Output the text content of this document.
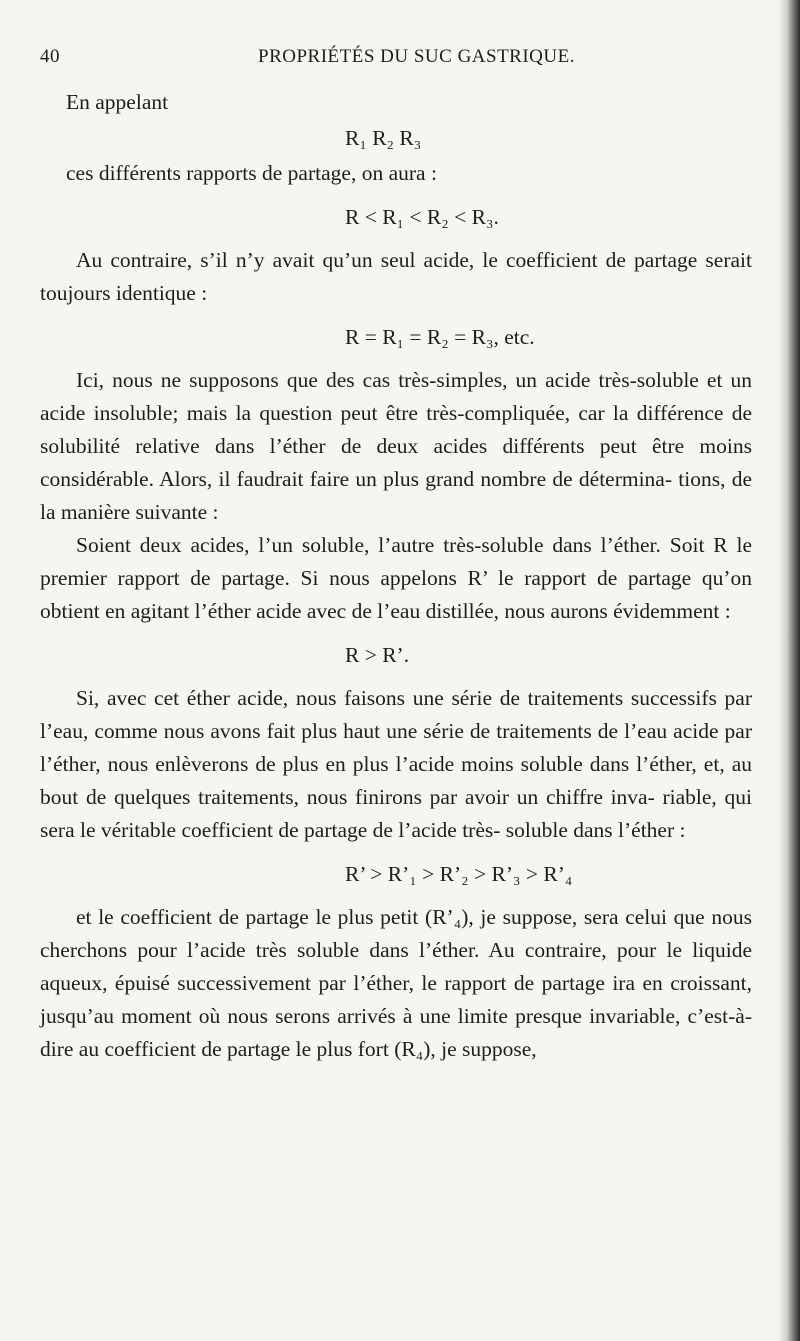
40	PROPRIÉTÉS DU SUC GASTRIQUE.

En appelant

R₁ R₂ R₃

ces différents rapports de partage, on aura :

R < R₁ < R₂ < R₃.

Au contraire, s’il n’y avait qu’un seul acide, le coefficient de partage serait toujours identique :

R = R₁ = R₂ = R₃, etc.

Ici, nous ne supposons que des cas très-simples, un acide très-soluble et un acide insoluble; mais la question peut être très-compliquée, car la différence de solubilité relative dans l’éther de deux acides différents peut être moins considérable. Alors, il faudrait faire un plus grand nombre de détermina- tions, de la manière suivante :

Soient deux acides, l’un soluble, l’autre très-soluble dans l’éther. Soit R le premier rapport de partage. Si nous appelons R’ le rapport de partage qu’on obtient en agitant l’éther acide avec de l’eau distillée, nous aurons évidemment :

R > R’.

Si, avec cet éther acide, nous faisons une série de traitements successifs par l’eau, comme nous avons fait plus haut une série de traitements de l’eau acide par l’éther, nous enlèverons de plus en plus l’acide moins soluble dans l’éther, et, au bout de quelques traitements, nous finirons par avoir un chiffre inva- riable, qui sera le véritable coefficient de partage de l’acide très- soluble dans l’éther :

R’ > R’₁ > R’₂ > R’₃ > R’₄

et le coefficient de partage le plus petit (R’₄), je suppose, sera celui que nous cherchons pour l’acide très soluble dans l’éther. Au contraire, pour le liquide aqueux, épuisé successivement par l’éther, le rapport de partage ira en croissant, jusqu’au moment où nous serons arrivés à une limite presque invariable, c’est-à-dire au coefficient de partage le plus fort (R₄), je suppose,
